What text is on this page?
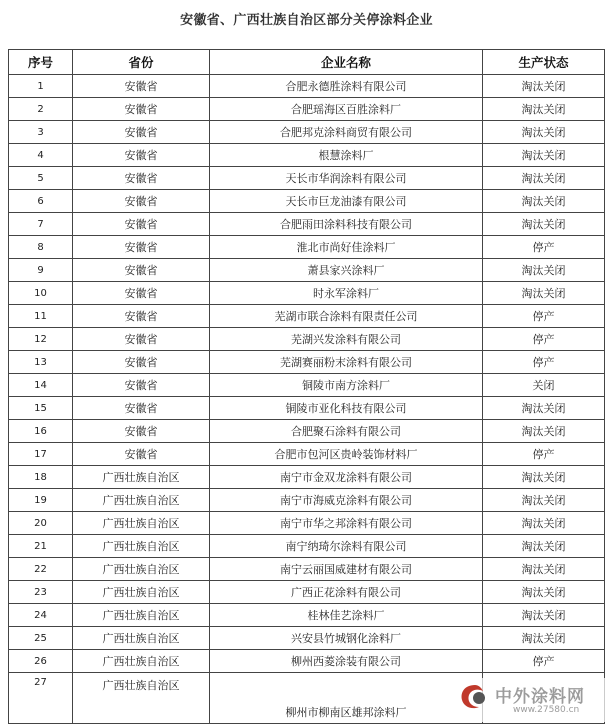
安徽省、广西壮族自治区部分关停涂料企业
序号	省份	企业名称	生产状态
1	安徽省	合肥永德胜涂料有限公司	淘汰关闭
2	安徽省	合肥瑶海区百胜涂料厂	淘汰关闭
3	安徽省	合肥邦克涂料商贸有限公司	淘汰关闭
4	安徽省	根慧涂料厂	淘汰关闭
5	安徽省	天长市华润涂料有限公司	淘汰关闭
6	安徽省	天长市巨龙油漆有限公司	淘汰关闭
7	安徽省	合肥雨田涂料科技有限公司	淘汰关闭
8	安徽省	淮北市尚好佳涂料厂	停产
9	安徽省	萧县家兴涂料厂	淘汰关闭
10	安徽省	时永军涂料厂	淘汰关闭
11	安徽省	芜湖市联合涂料有限责任公司	停产
12	安徽省	芜湖兴发涂料有限公司	停产
13	安徽省	芜湖赛丽粉末涂料有限公司	停产
14	安徽省	铜陵市南方涂料厂	关闭
15	安徽省	铜陵市亚化科技有限公司	淘汰关闭
16	安徽省	合肥聚石涂料有限公司	淘汰关闭
17	安徽省	合肥市包河区贵岭装饰材料厂	停产
18	广西壮族自治区	南宁市金双龙涂料有限公司	淘汰关闭
19	广西壮族自治区	南宁市海威克涂料有限公司	淘汰关闭
20	广西壮族自治区	南宁市华之邦涂料有限公司	淘汰关闭
21	广西壮族自治区	南宁纳琦尔涂料有限公司	淘汰关闭
22	广西壮族自治区	南宁云丽国威建材有限公司	淘汰关闭
23	广西壮族自治区	广西正花涂料有限公司	淘汰关闭
24	广西壮族自治区	桂林佳艺涂料厂	淘汰关闭
25	广西壮族自治区	兴安县竹城钢化涂料厂	淘汰关闭
26	广西壮族自治区	柳州西菱涂装有限公司	停产
27	广西壮族自治区	柳州市柳南区雄邦涂料厂	
中外涂料网
www.27580.cn
